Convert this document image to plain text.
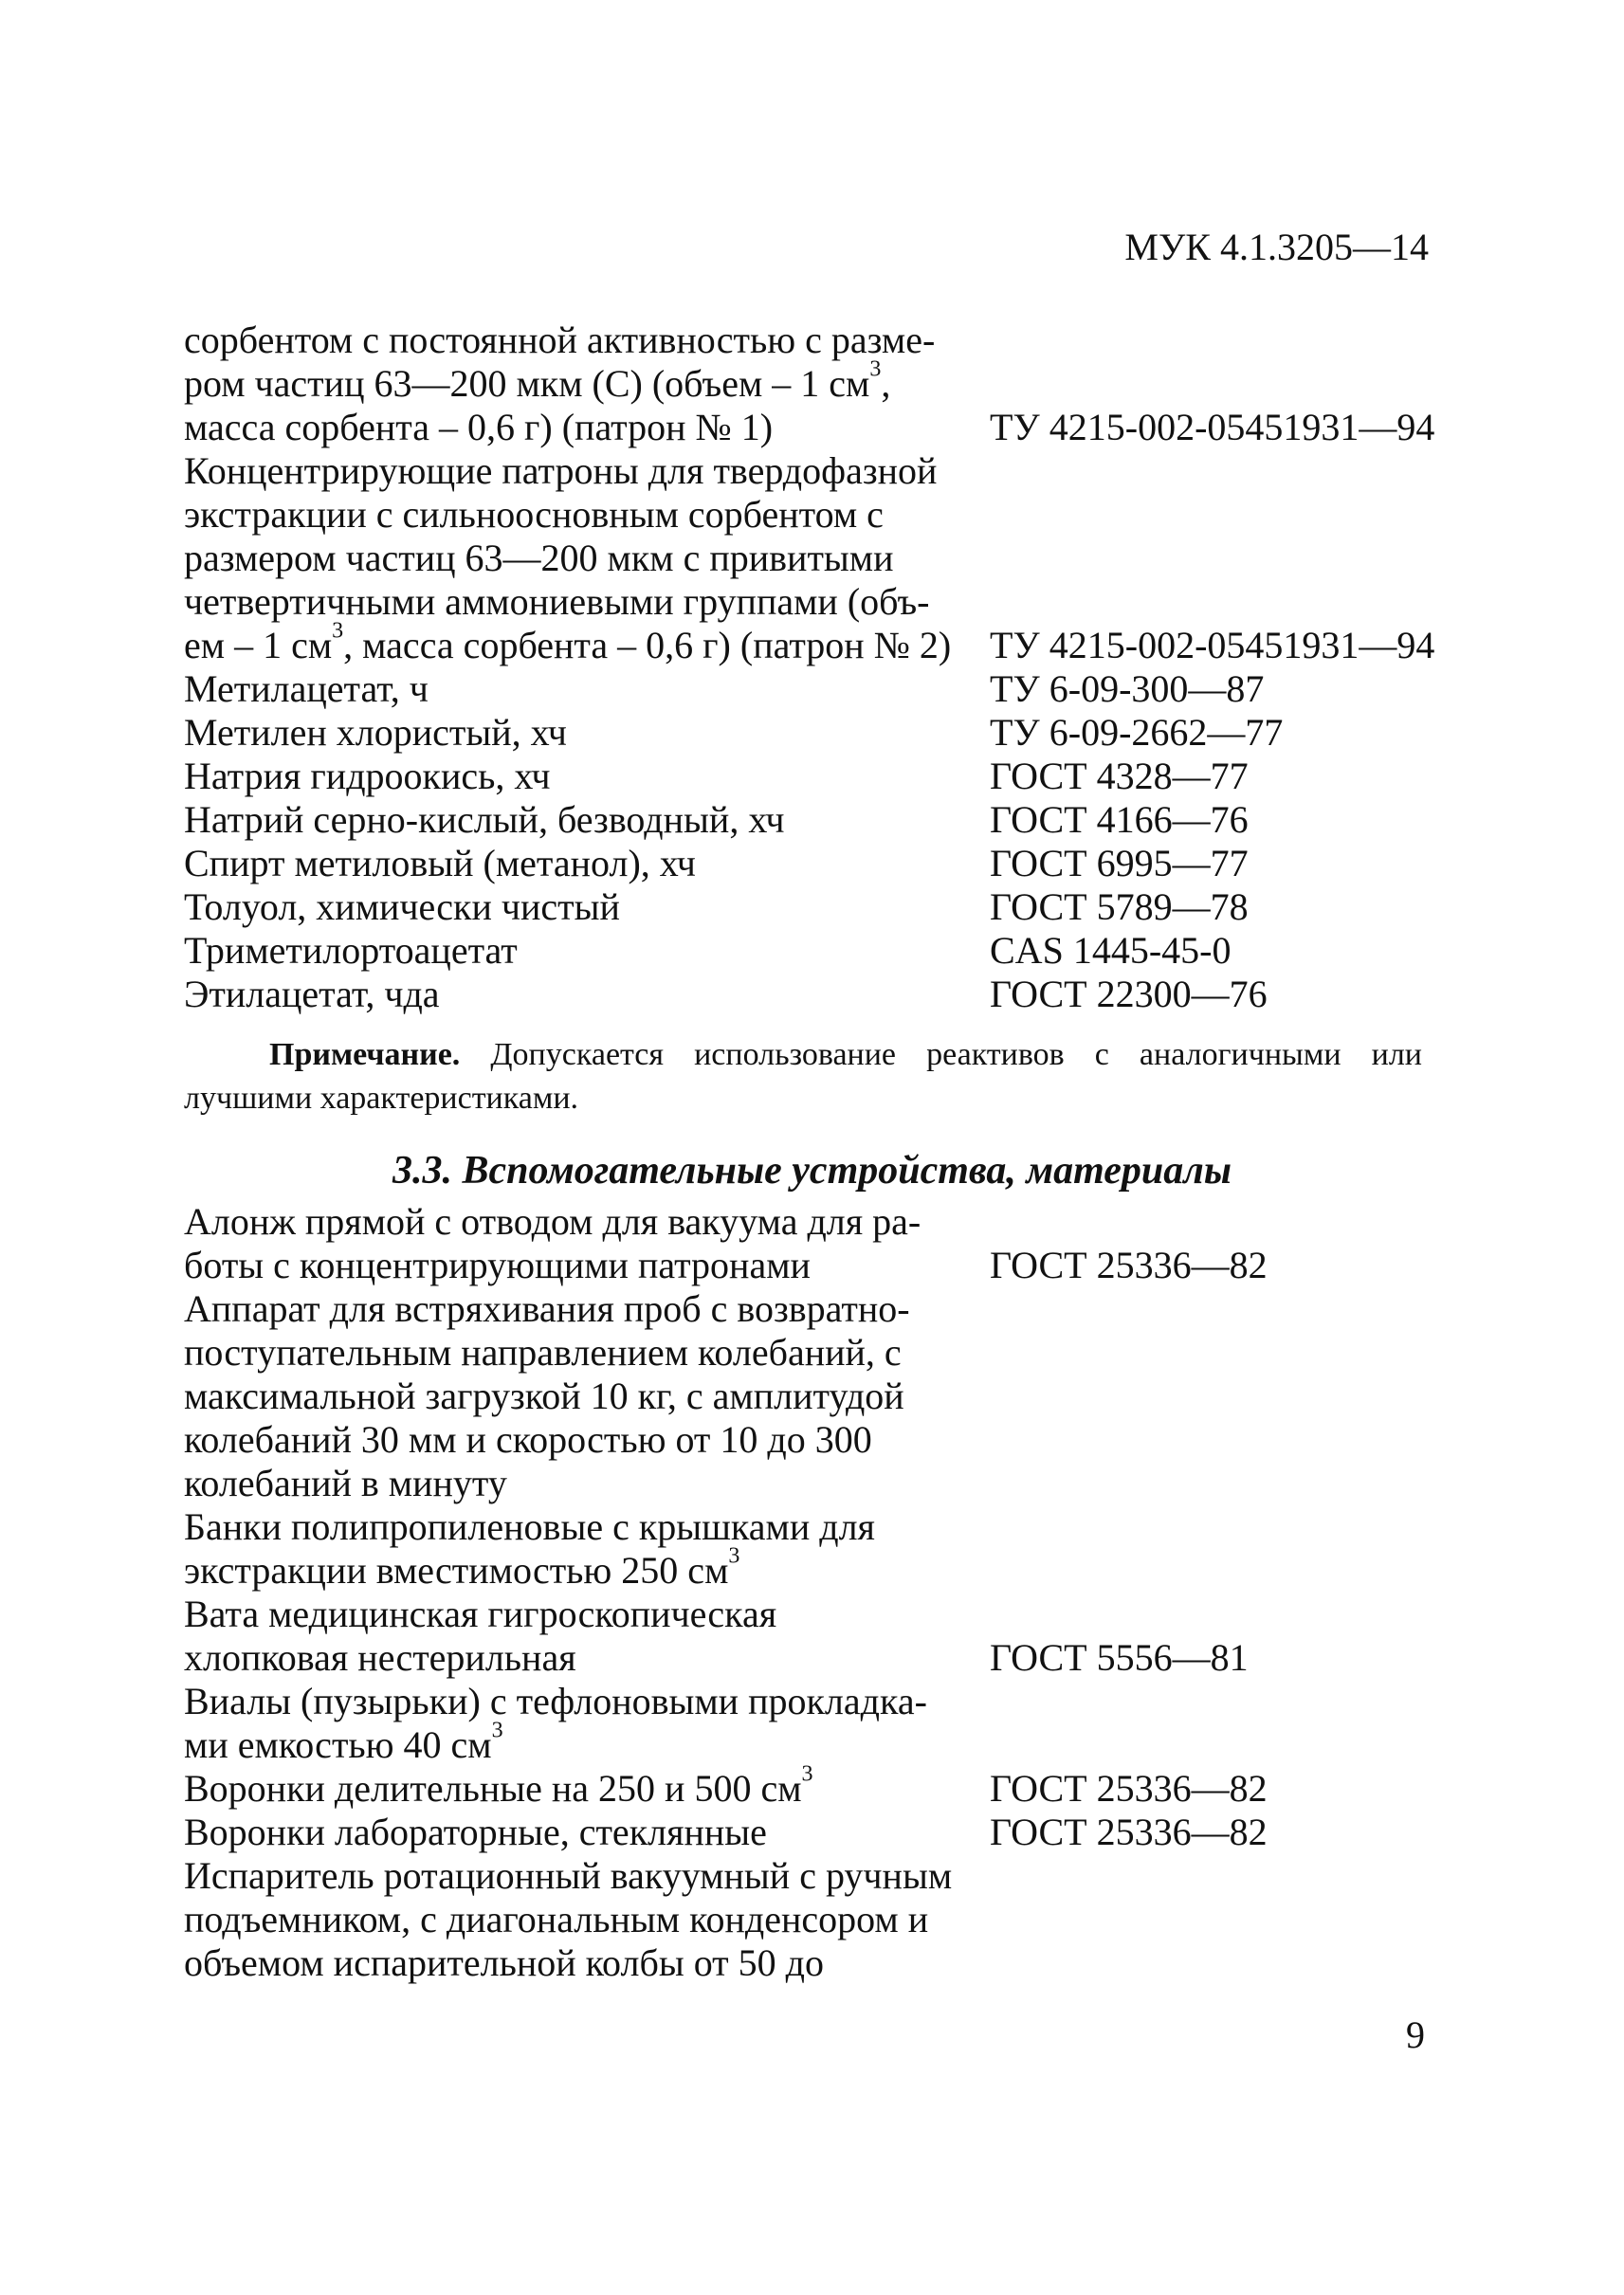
МУК 4.1.3205—14
сорбентом с постоянной активностью с разме-
ром частиц 63—200 мкм (С) (объем – 1 $см^3$,
масса сорбента – 0,6 г) (патрон № 1)	ТУ 4215-002-05451931—94
Концентрирующие патроны для твердофазной
экстракции с сильноосновным сорбентом с
размером частиц 63—200 мкм с привитыми
четвертичными аммониевыми группами (объ-
ем – 1 $см^3$, масса сорбента – 0,6 г) (патрон № 2)	ТУ 4215-002-05451931—94
Метилацетат, ч	ТУ 6-09-300—87
Метилен хлористый, хч	ТУ 6-09-2662—77
Натрия гидроокись, хч	ГОСТ 4328—77
Натрий серно-кислый, безводный, хч	ГОСТ 4166—76
Спирт метиловый (метанол), хч	ГОСТ 6995—77
Толуол, химически чистый	ГОСТ 5789—78
Триметилортоацетат	CAS 1445-45-0
Этилацетат, чда	ГОСТ 22300—76
Примечание. Допускается использование реактивов с аналогичными или
лучшими характеристиками.
3.3. Вспомогательные устройства, материалы
Алонж прямой с отводом для вакуума для ра-
боты с концентрирующими патронами	ГОСТ 25336—82
Аппарат для встряхивания проб с возвратно-
поступательным направлением колебаний, с
максимальной загрузкой 10 кг, с амплитудой
колебаний 30 мм и скоростью от 10 до 300
колебаний в минуту
Банки полипропиленовые с крышками для
экстракции вместимостью 250 $см^3$
Вата медицинская гигроскопическая
хлопковая нестерильная	ГОСТ 5556—81
Виалы (пузырьки) с тефлоновыми прокладка-
ми емкостью 40 $см^3$
Воронки делительные на 250 и 500 $см^3$	ГОСТ 25336—82
Воронки лабораторные, стеклянные	ГОСТ 25336—82
Испаритель ротационный вакуумный с ручным
подъемником, с диагональным конденсором и
объемом испарительной колбы от 50 до
9
